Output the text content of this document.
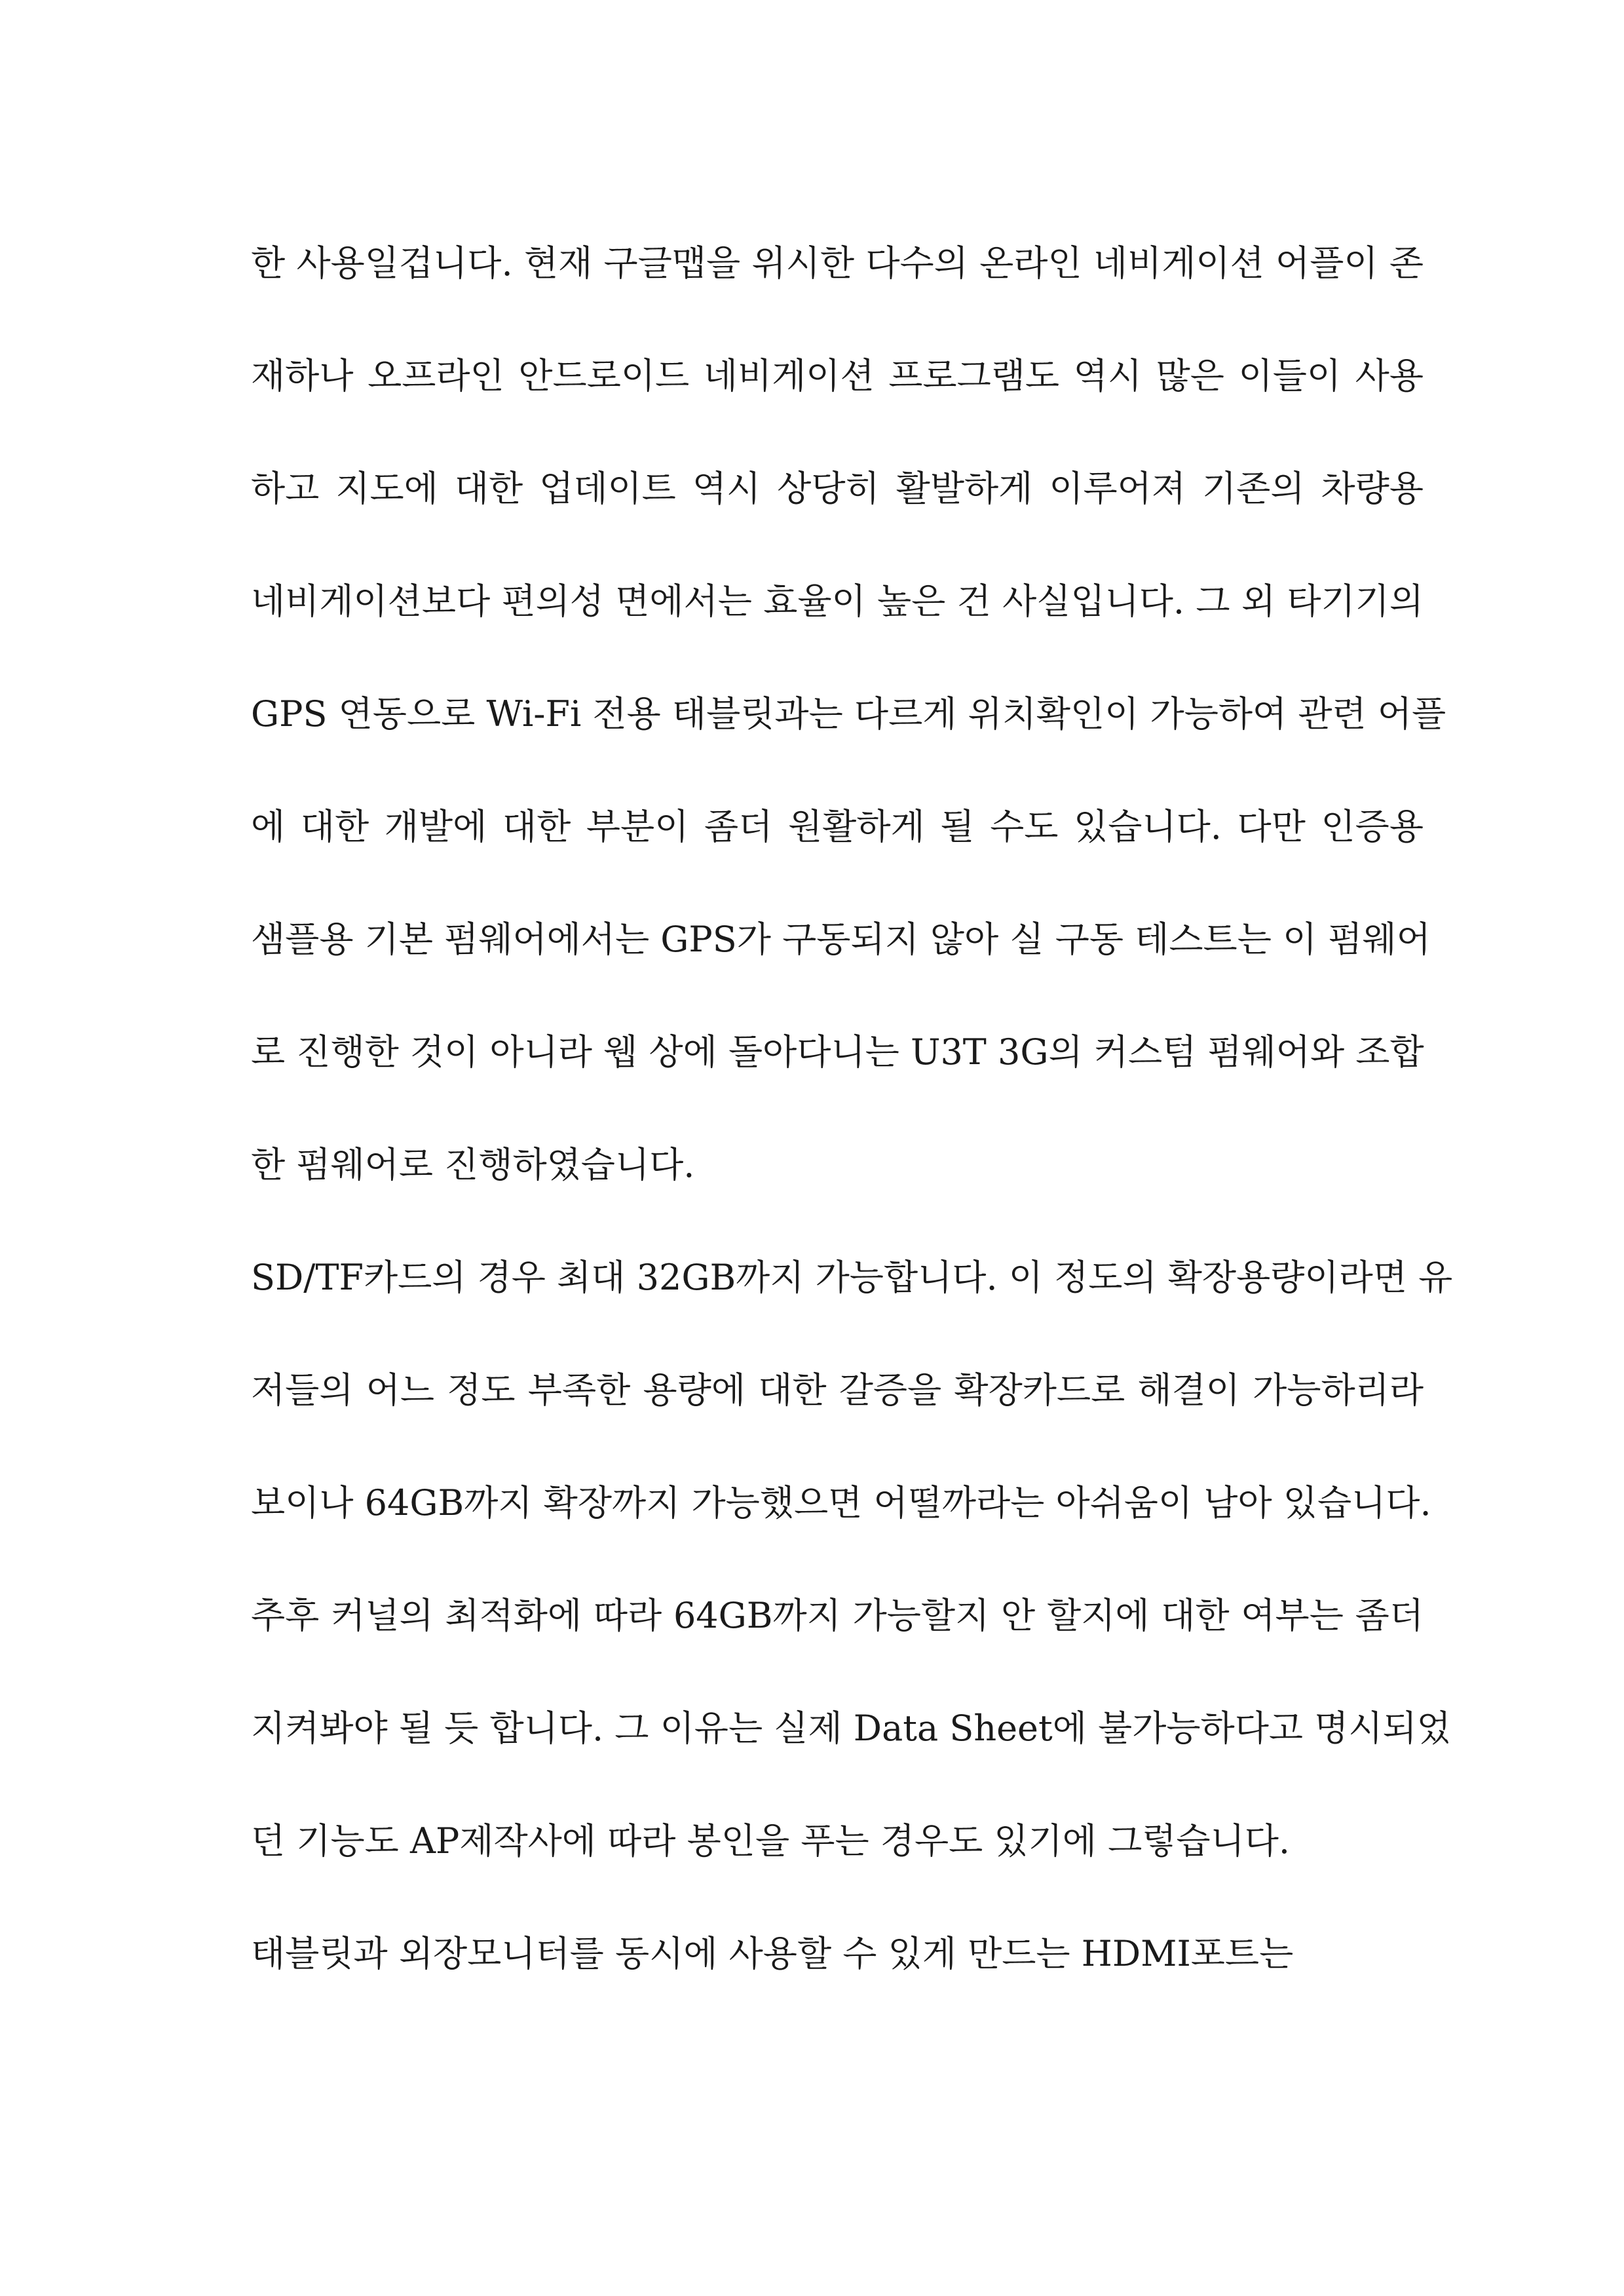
한 사용일겁니다. 현재 구글맵을 위시한 다수의 온라인 네비게이션 어플이 존
재하나 오프라인 안드로이드 네비게이션 프로그램도 역시 많은 이들이 사용
하고 지도에 대한 업데이트 역시 상당히 활발하게 이루어져 기존의 차량용
네비게이션보다 편의성 면에서는 효율이 높은 건 사실입니다. 그 외 타기기의
GPS 연동으로 Wi-Fi 전용 태블릿과는 다르게 위치확인이 가능하여 관련 어플
에 대한 개발에 대한 부분이 좀더 원활하게 될 수도 있습니다. 다만 인증용
샘플용 기본 펌웨어에서는 GPS가 구동되지 않아 실 구동 테스트는 이 펌웨어
로 진행한 것이 아니라 웹 상에 돌아다니는 U3T 3G의 커스텀 펌웨어와 조합
한 펌웨어로 진행하였습니다.
SD/TF카드의 경우 최대 32GB까지 가능합니다. 이 정도의 확장용량이라면 유
저들의 어느 정도 부족한 용량에 대한 갈증을 확장카드로 해결이 가능하리라
보이나 64GB까지 확장까지 가능했으면 어떨까라는 아쉬움이 남아 있습니다.
추후 커널의 최적화에 따라 64GB까지 가능할지 안 할지에 대한 여부는 좀더
지켜봐야 될 듯 합니다. 그 이유는 실제 Data Sheet에 불가능하다고 명시되었
던 기능도 AP제작사에 따라 봉인을 푸는 경우도 있기에 그렇습니다.
태블릿과 외장모니터를 동시에 사용할 수 있게 만드는 HDMI포트는
